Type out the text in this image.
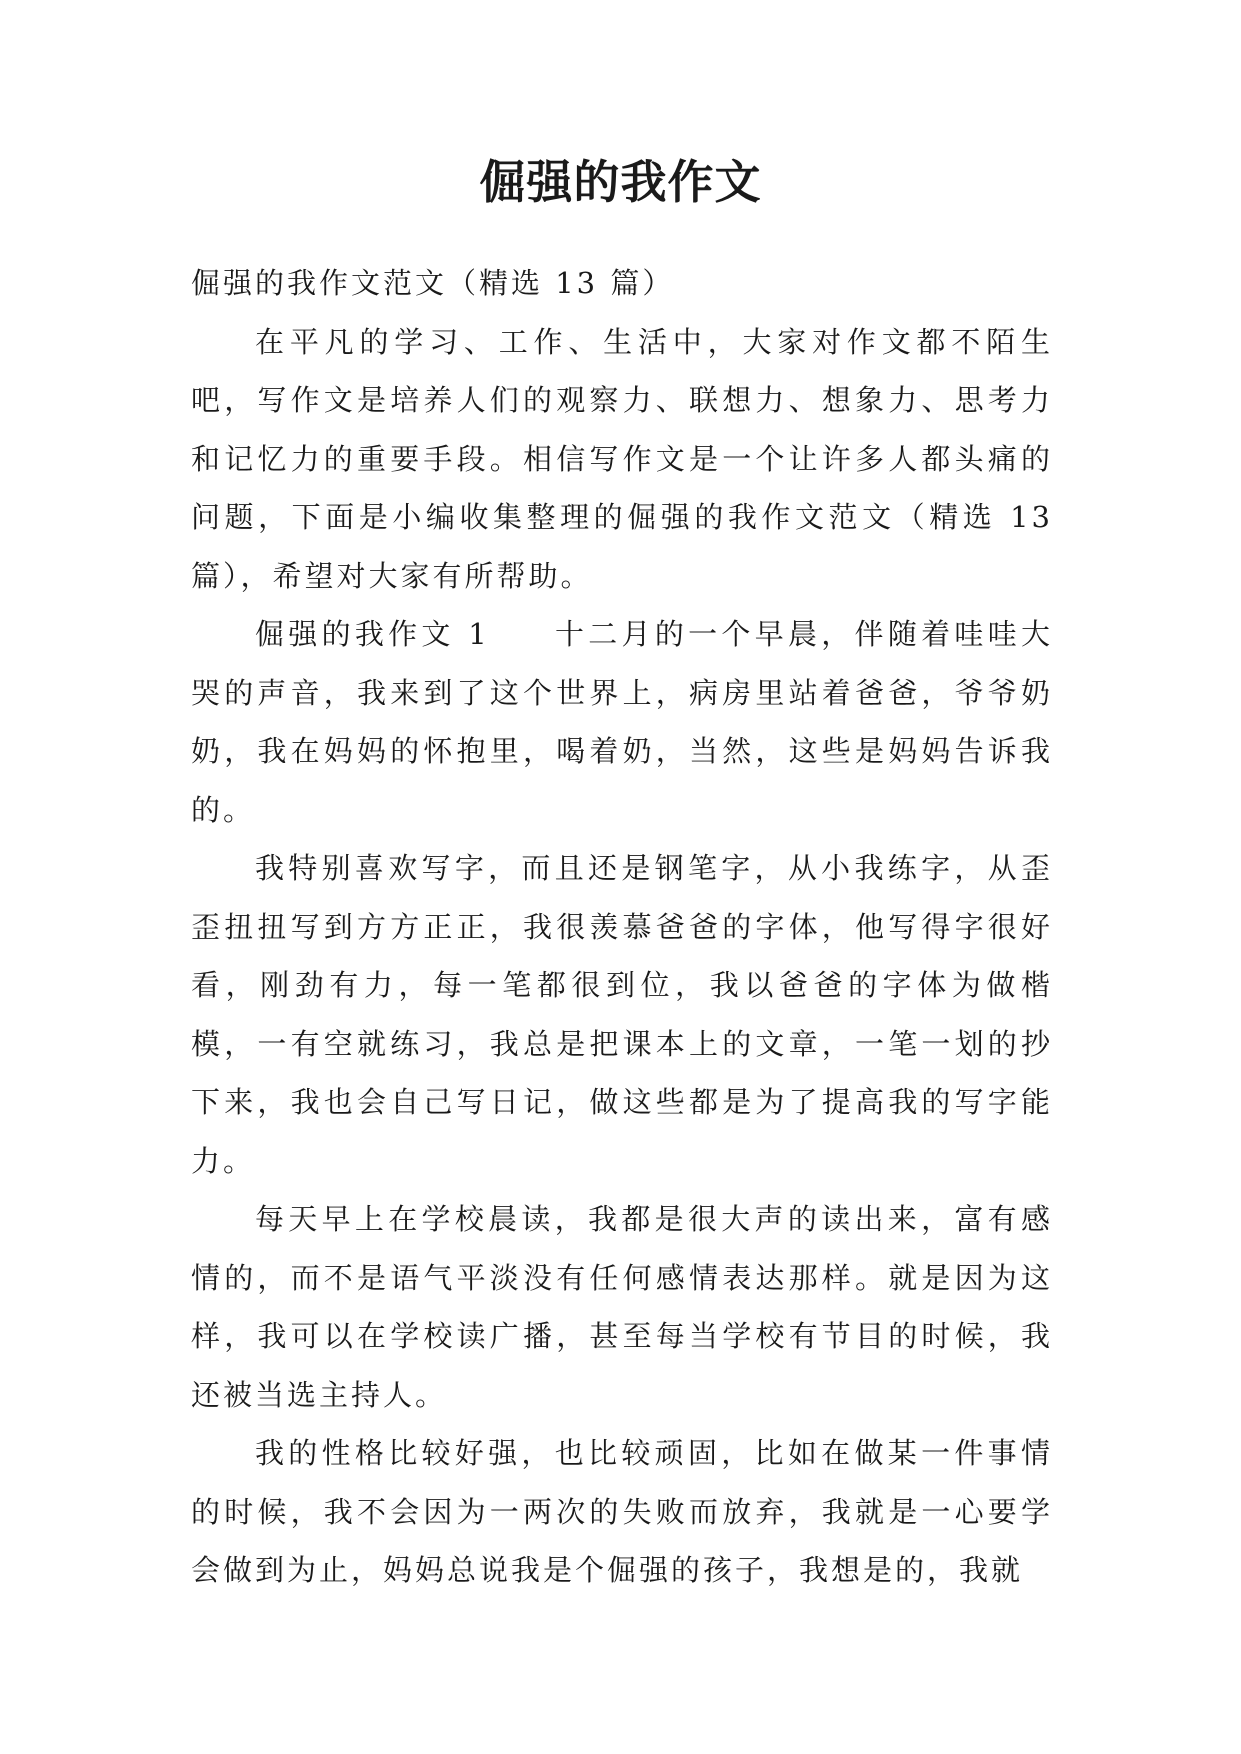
倔强的我作文

倔强的我作文范文（精选 13 篇）

在平凡的学习、工作、生活中，大家对作文都不陌生吧，写作文是培养人们的观察力、联想力、想象力、思考力和记忆力的重要手段。相信写作文是一个让许多人都头痛的问题，下面是小编收集整理的倔强的我作文范文（精选 13 篇），希望对大家有所帮助。

倔强的我作文 1 十二月的一个早晨，伴随着哇哇大哭的声音，我来到了这个世界上，病房里站着爸爸，爷爷奶奶，我在妈妈的怀抱里，喝着奶，当然，这些是妈妈告诉我的。

我特别喜欢写字，而且还是钢笔字，从小我练字，从歪歪扭扭写到方方正正，我很羡慕爸爸的字体，他写得字很好看，刚劲有力，每一笔都很到位，我以爸爸的字体为做楷模，一有空就练习，我总是把课本上的文章，一笔一划的抄下来，我也会自己写日记，做这些都是为了提高我的写字能力。

每天早上在学校晨读，我都是很大声的读出来，富有感情的，而不是语气平淡没有任何感情表达那样。就是因为这样，我可以在学校读广播，甚至每当学校有节目的时候，我还被当选主持人。

我的性格比较好强，也比较顽固，比如在做某一件事情的时候，我不会因为一两次的失败而放弃，我就是一心要学会做到为止，妈妈总说我是个倔强的孩子，我想是的，我就
